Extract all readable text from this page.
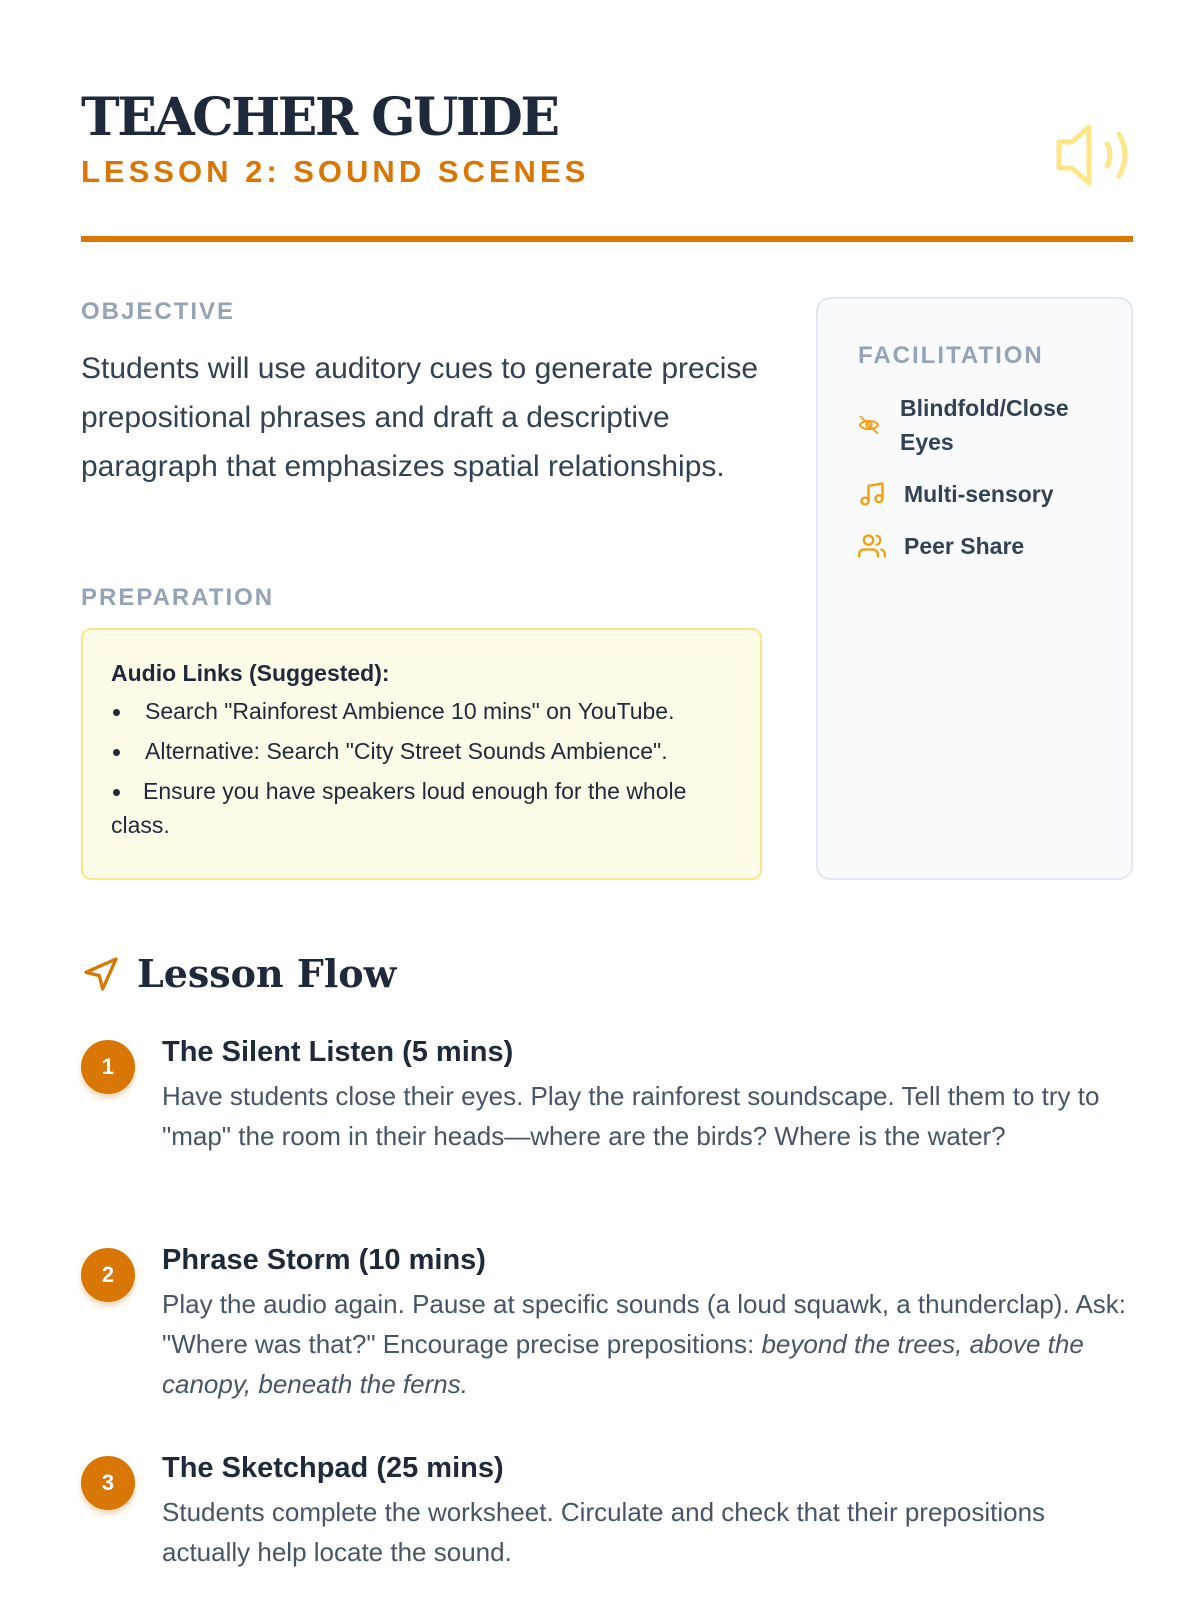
TEACHER GUIDE
LESSON 2: SOUND SCENES
OBJECTIVE
Students will use auditory cues to generate precise prepositional phrases and draft a descriptive paragraph that emphasizes spatial relationships.
PREPARATION
Audio Links (Suggested):
Search "Rainforest Ambience 10 mins" on YouTube.
Alternative: Search "City Street Sounds Ambience".
Ensure you have speakers loud enough for the whole class.
FACILITATION
Blindfold/Close Eyes
Multi-sensory
Peer Share
Lesson Flow
1	The Silent Listen (5 mins)
Have students close their eyes. Play the rainforest soundscape. Tell them to try to "map" the room in their heads—where are the birds? Where is the water?
2	Phrase Storm (10 mins)
Play the audio again. Pause at specific sounds (a loud squawk, a thunderclap). Ask: "Where was that?" Encourage precise prepositions: beyond the trees, above the canopy, beneath the ferns.
3	The Sketchpad (25 mins)
Students complete the worksheet. Circulate and check that their prepositions actually help locate the sound.
